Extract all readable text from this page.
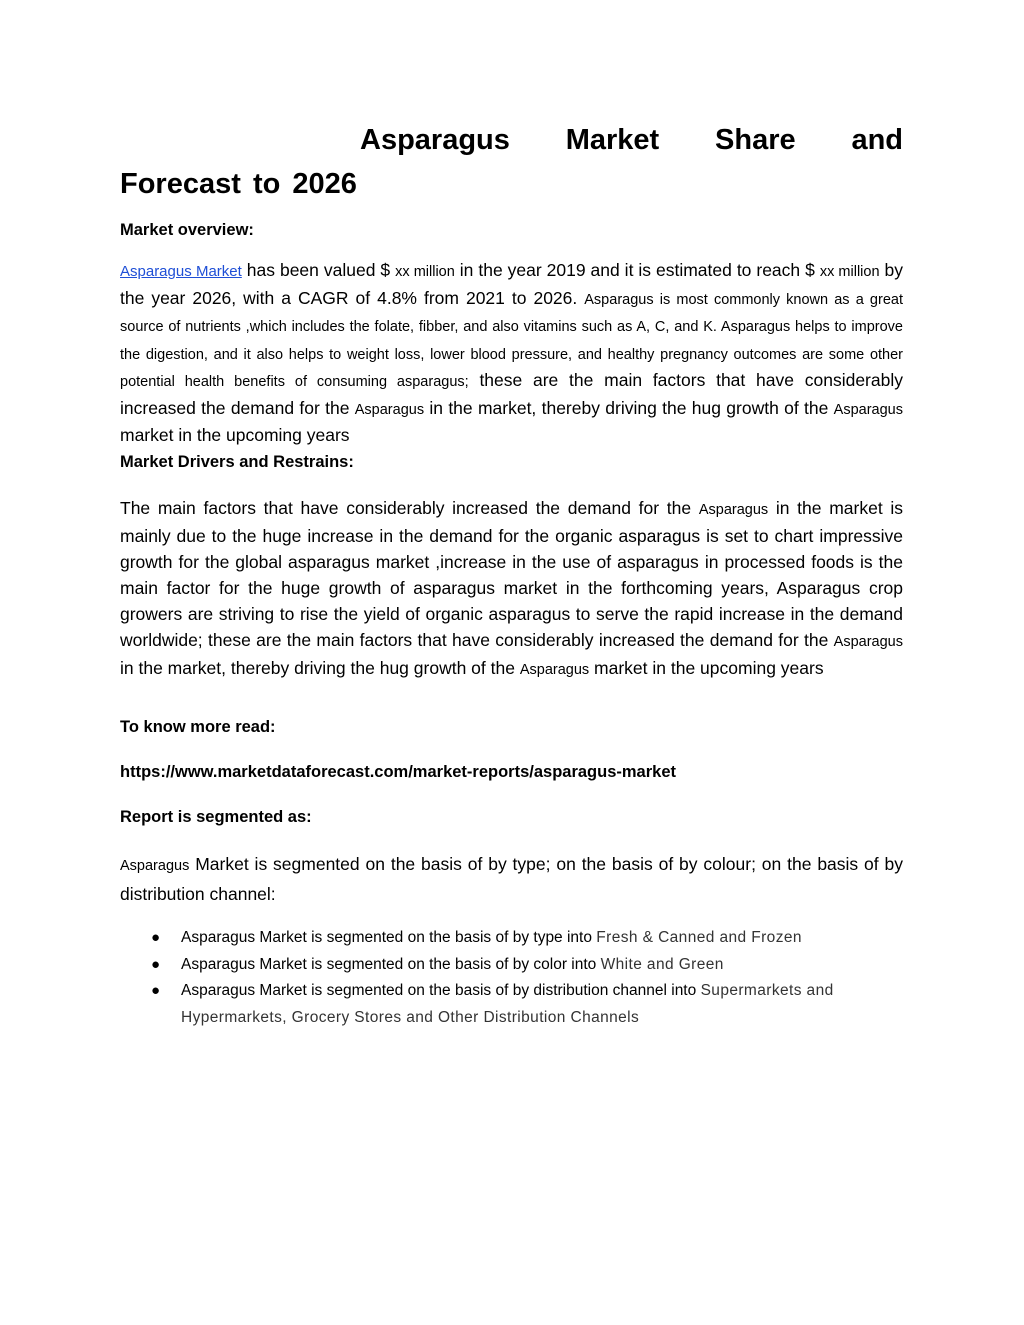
Asparagus Market Share and Forecast to 2026
Market overview:

Asparagus Market has been valued $ xx million in the year 2019 and it is estimated to reach $ xx million by the year 2026, with a CAGR of 4.8% from 2021 to 2026. Asparagus is most commonly known as a great source of nutrients ,which includes the folate, fibber, and also vitamins such as A, C, and K. Asparagus helps to improve the digestion, and it also helps to weight loss, lower blood pressure, and healthy pregnancy outcomes are some other potential health benefits of consuming asparagus; these are the main factors that have considerably increased the demand for the Asparagus in the market, thereby driving the hug growth of the Asparagus market in the upcoming years

Market Drivers and Restrains:

The main factors that have considerably increased the demand for the Asparagus in the market is mainly due to the huge increase in the demand for the organic asparagus is set to chart impressive growth for the global asparagus market ,increase in the use of asparagus in processed foods is the main factor for the huge growth of asparagus market in the forthcoming years, Asparagus crop growers are striving to rise the yield of organic asparagus to serve the rapid increase in the demand worldwide; these are the main factors that have considerably increased the demand for the Asparagus in the market, thereby driving the hug growth of the Asparagus market in the upcoming years

To know more read:
https://www.marketdataforecast.com/market-reports/asparagus-market
Report is segmented as:

Asparagus Market is segmented on the basis of by type; on the basis of by colour; on the basis of by distribution channel:

● Asparagus Market is segmented on the basis of by type into Fresh & Canned and Frozen
● Asparagus Market is segmented on the basis of by color into White and Green
● Asparagus Market is segmented on the basis of by distribution channel into Supermarkets and Hypermarkets, Grocery Stores and Other Distribution Channels
